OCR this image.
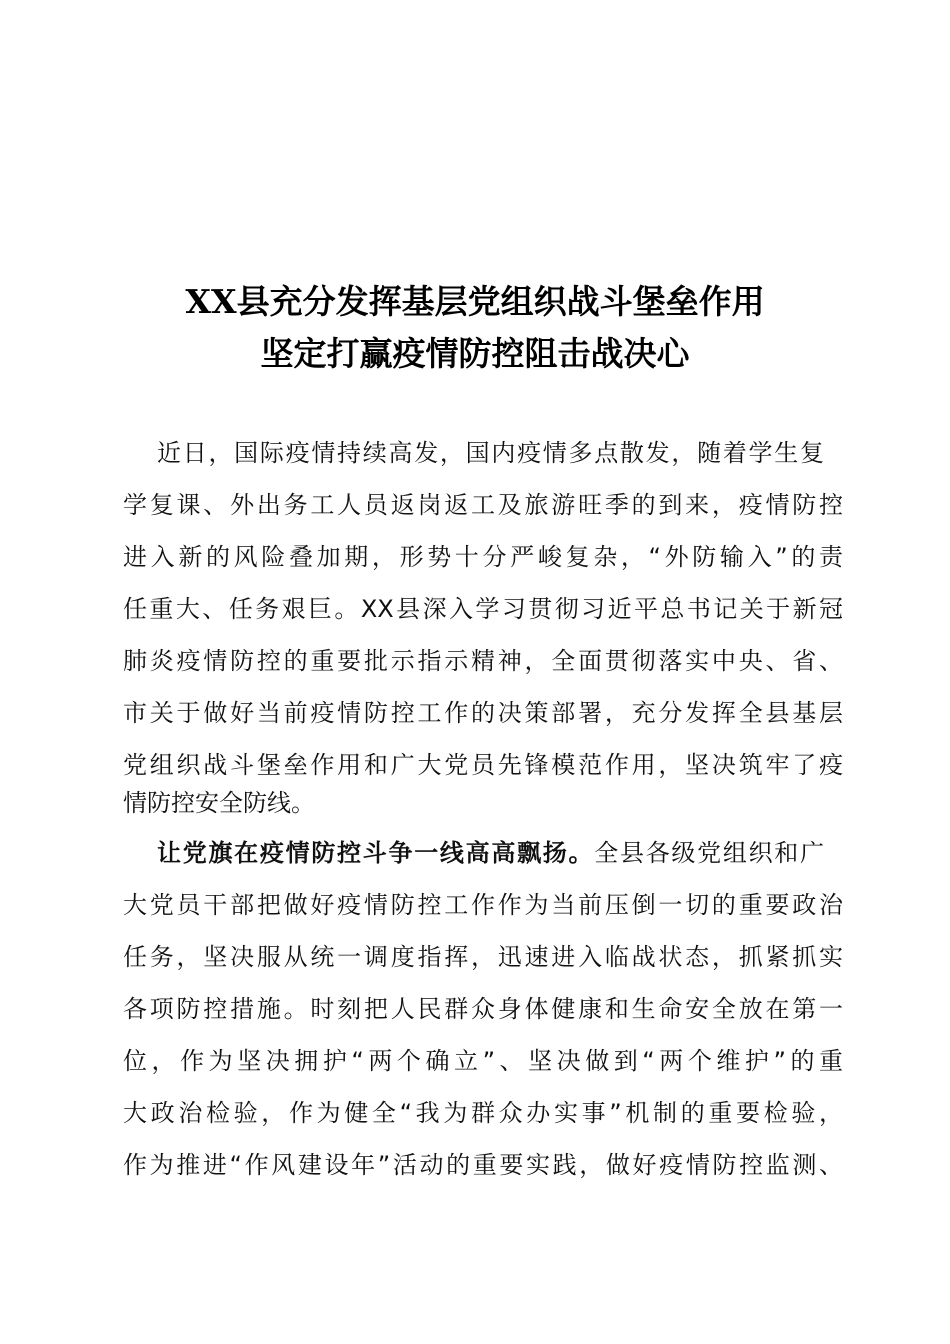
XX县充分发挥基层党组织战斗堡垒作用
坚定打赢疫情防控阻击战决心
近日，国际疫情持续高发，国内疫情多点散发，随着学生复
学复课、外出务工人员返岗返工及旅游旺季的到来，疫情防控
进入新的风险叠加期，形势十分严峻复杂，“外防输入”的责
任重大、任务艰巨。XX县深入学习贯彻习近平总书记关于新冠
肺炎疫情防控的重要批示指示精神，全面贯彻落实中央、省、
市关于做好当前疫情防控工作的决策部署，充分发挥全县基层
党组织战斗堡垒作用和广大党员先锋模范作用，坚决筑牢了疫
情防控安全防线。
让党旗在疫情防控斗争一线高高飘扬。全县各级党组织和广
大党员干部把做好疫情防控工作作为当前压倒一切的重要政治
任务，坚决服从统一调度指挥，迅速进入临战状态，抓紧抓实
各项防控措施。时刻把人民群众身体健康和生命安全放在第一
位，作为坚决拥护“两个确立”、坚决做到“两个维护”的重
大政治检验，作为健全“我为群众办实事”机制的重要检验，
作为推进“作风建设年”活动的重要实践，做好疫情防控监测、
